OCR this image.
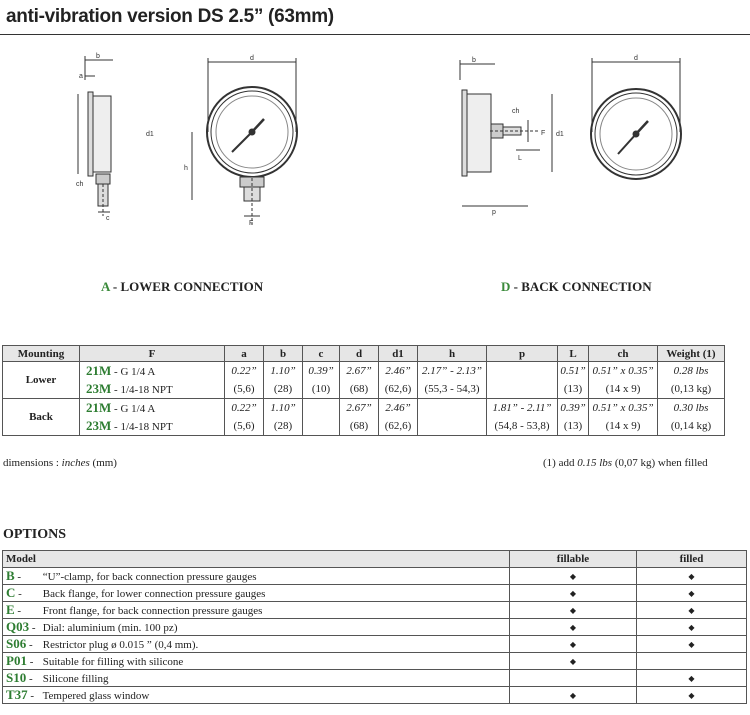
anti-vibration version DS 2.5” (63mm)
b
a
d1
ch
c
d
h
F
b
ch
F d1
L
p
d
A - LOWER CONNECTION	D - BACK CONNECTION
Mounting	F	a	b	c	d	d1	h	p	L	ch	Weight (1)
Lower	21M - G 1/4 A	0.22”	1.10”	0.39”	2.67”	2.46”	2.17” - 2.13”		0.51”	0.51” x 0.35”	0.28 lbs
	23M - 1/4-18 NPT	(5,6)	(28)	(10)	(68)	(62,6)	(55,3 - 54,3)		(13)	(14 x 9)	(0,13 kg)
Back	21M - G 1/4 A	0.22”	1.10”		2.67”	2.46”		1.81” - 2.11”	0.39”	0.51” x 0.35”	0.30 lbs
	23M - 1/4-18 NPT	(5,6)	(28)		(68)	(62,6)		(54,8 - 53,8)	(13)	(14 x 9)	(0,14 kg)
dimensions : inches (mm)	(1) add 0.15 lbs (0,07 kg) when filled
OPTIONS
Model	fillable	filled
B - “U”-clamp, for back connection pressure gauges	◆	◆
C - Back flange, for lower connection pressure gauges	◆	◆
E - Front flange, for back connection pressure gauges	◆	◆
Q03 - Dial: aluminium (min. 100 pz)	◆	◆
S06 - Restrictor plug ø 0.015 ” (0,4 mm).	◆	◆
P01 - Suitable for filling with silicone	◆	
S10 - Silicone filling		◆
T37 - Tempered glass window	◆	◆
